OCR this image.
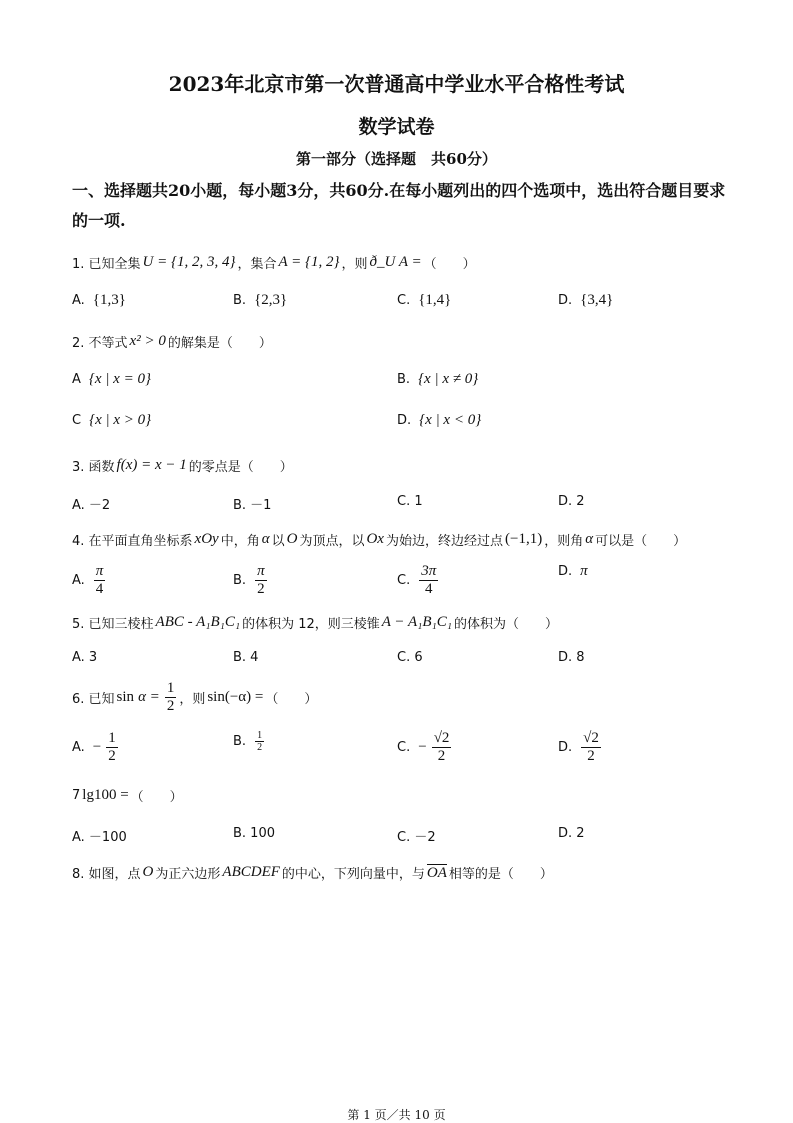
2023年北京市第一次普通高中学业水平合格性考试
数学试卷
第一部分（选择题　共60分）
一、选择题共20小题，每小题3分，共60分.在每小题列出的四个选项中，选出符合题目要求的一项.
1. 已知全集 U = {1, 2, 3, 4} ，集合 A = {1, 2} ，则 ð_U A = （　　）
A. {1,3}	B. {2,3}	C. {1,4}	D. {3,4}
2. 不等式 x² > 0 的解集是（　　）
A {x | x = 0}	B. {x | x ≠ 0}
C {x | x > 0}	D. {x | x < 0}
3. 函数 f(x) = x − 1 的零点是（　　）
A. －2	B. －1	C. 1	D. 2
4. 在平面直角坐标系 xOy 中，角 α 以 O 为顶点，以 Ox 为始边，终边经过点 (−1,1) ，则角 α 可以是（　　）
A. $\frac{\pi}{4}$	B. $\frac{\pi}{2}$	C. $\frac{3\pi}{4}$	D. π
5. 已知三棱柱 ABC - A₁B₁C₁ 的体积为 12，则三棱锥 A − A₁B₁C₁ 的体积为（　　）
A. 3	B. 4	C. 6	D. 8
6. 已知 $\sin \alpha = \frac{1}{2}$ ，则 sin(−α) = （　　）
A. − $\frac{1}{2}$	B. $\frac{1}{2}$	C. − $\frac{√2}{2}$	D. $\frac{√2}{2}$
7 lg100 = （　　）
A. －100	B. 100	C. －2	D. 2
8. 如图，点 O 为正六边形 ABCDEF 的中心，下列向量中，与 OA 相等的是（　　）
第 1 页／共 10 页
